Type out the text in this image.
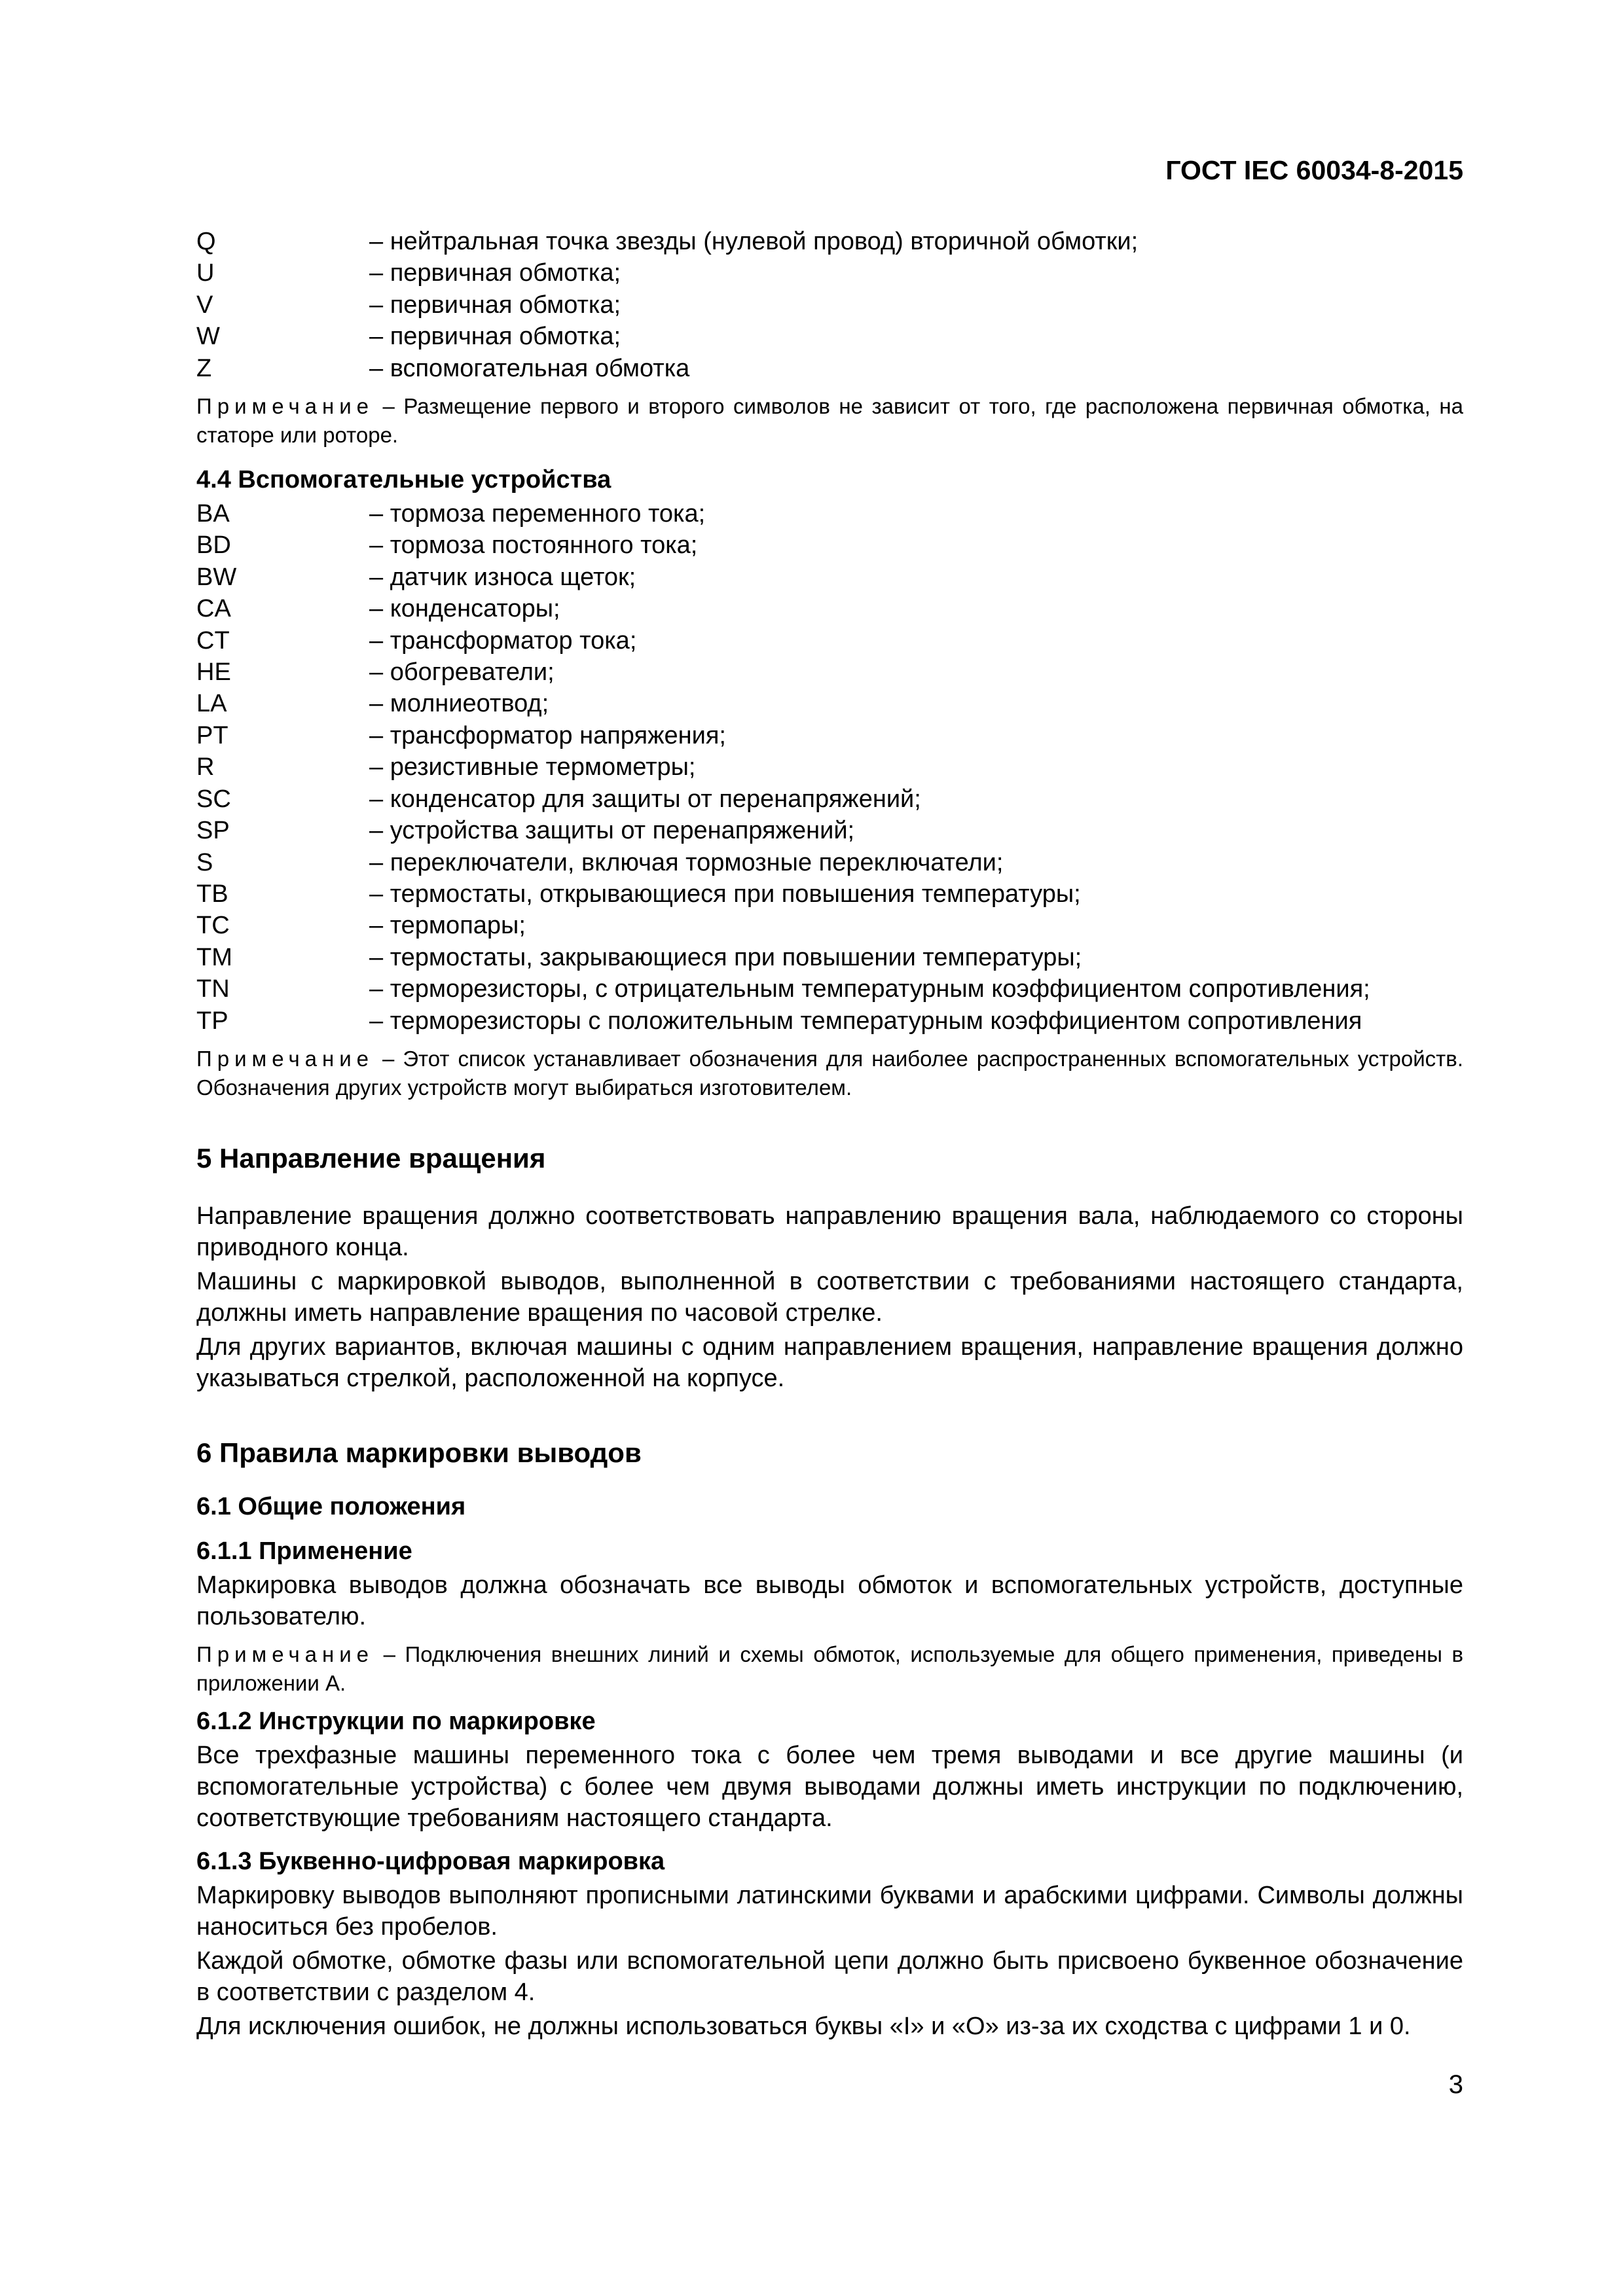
ГОСТ IEC 60034-8-2015
Q	– нейтральная точка звезды (нулевой провод) вторичной обмотки;
U	– первичная обмотка;
V	– первичная обмотка;
W	– первичная обмотка;
Z	– вспомогательная обмотка

Примечание – Размещение первого и второго символов не зависит от того, где расположена первичная обмотка, на статоре или роторе.

4.4 Вспомогательные устройства
BA	– тормоза переменного тока;
BD	– тормоза постоянного тока;
BW	– датчик износа щеток;
CA	– конденсаторы;
CT	– трансформатор тока;
HE	– обогреватели;
LA	– молниеотвод;
PT	– трансформатор напряжения;
R	– резистивные термометры;
SC	– конденсатор для защиты от перенапряжений;
SP	– устройства защиты от перенапряжений;
S	– переключатели, включая тормозные переключатели;
TB	– термостаты, открывающиеся при повышения температуры;
TC	– термопары;
TM	– термостаты, закрывающиеся при повышении температуры;
TN	– терморезисторы, с отрицательным температурным коэффициентом сопротивления;
TP	– терморезисторы с положительным температурным коэффициентом сопротивления

Примечание – Этот список устанавливает обозначения для наиболее распространенных вспомогательных устройств. Обозначения других устройств могут выбираться изготовителем.

5 Направление вращения

Направление вращения должно соответствовать направлению вращения вала, наблюдаемого со стороны приводного конца.

Машины с маркировкой выводов, выполненной в соответствии с требованиями настоящего стандарта, должны иметь направление вращения по часовой стрелке.

Для других вариантов, включая машины с одним направлением вращения, направление вращения должно указываться стрелкой, расположенной на корпусе.

6 Правила маркировки выводов
6.1 Общие положения
6.1.1 Применение

Маркировка выводов должна обозначать все выводы обмоток и вспомогательных устройств, доступные пользователю.

Примечание – Подключения внешних линий и схемы обмоток, используемые для общего применения, приведены в приложении А.

6.1.2 Инструкции по маркировке

Все трехфазные машины переменного тока с более чем тремя выводами и все другие машины (и вспомогательные устройства) с более чем двумя выводами должны иметь инструкции по подключению, соответствующие требованиям настоящего стандарта.

6.1.3 Буквенно-цифровая маркировка

Маркировку выводов выполняют прописными латинскими буквами и арабскими цифрами. Символы должны наноситься без пробелов.

Каждой обмотке, обмотке фазы или вспомогательной цепи должно быть присвоено буквенное обозначение в соответствии с разделом 4.

Для исключения ошибок, не должны использоваться буквы «I» и «O» из-за их сходства с цифрами 1 и 0.

3
